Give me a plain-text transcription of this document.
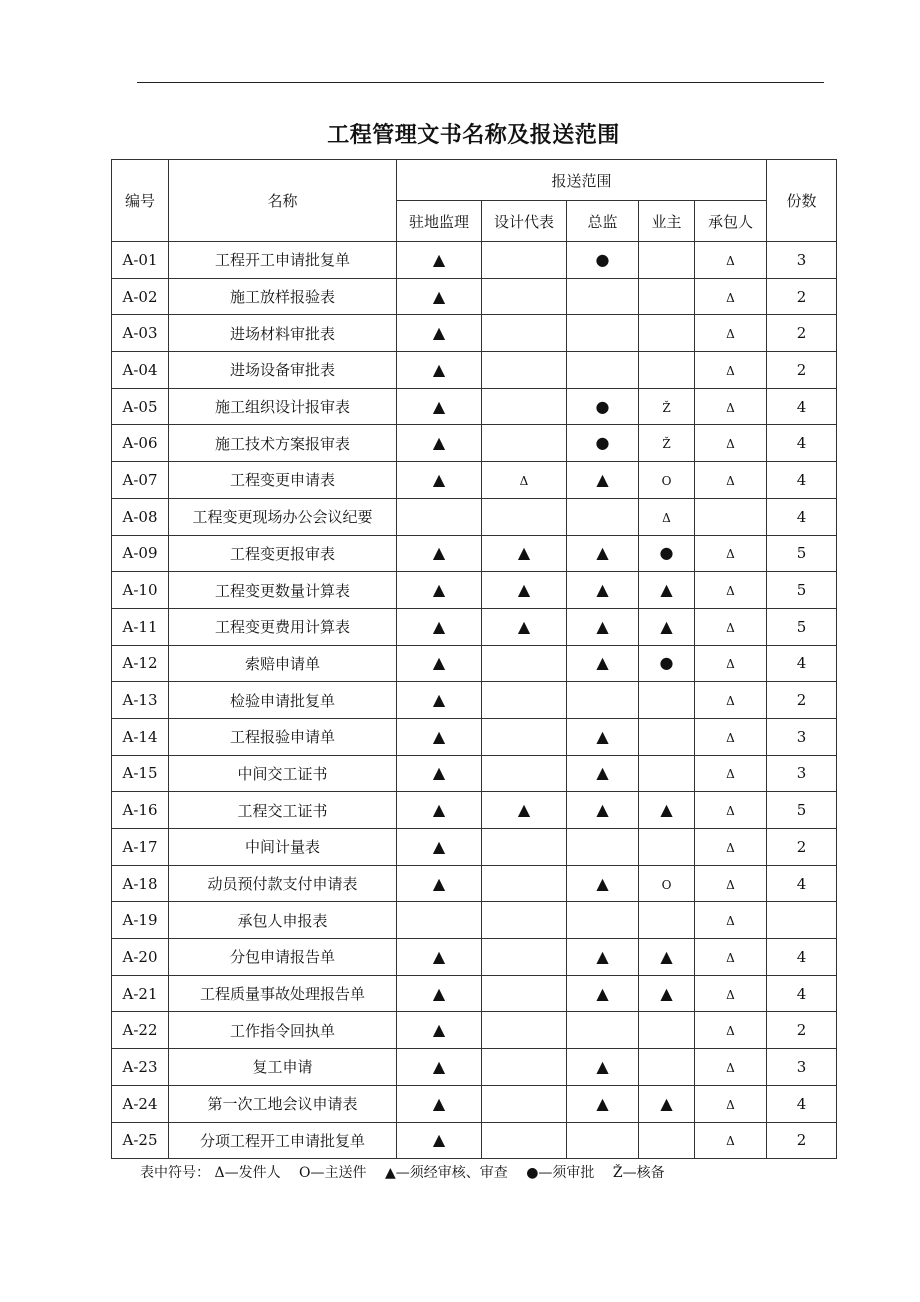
工程管理文书名称及报送范围
编号	名称	报送范围					份数
		驻地监理	设计代表	总监	业主	承包人	
A-01	工程开工申请批复单	▲		●		Δ	3
A-02	施工放样报验表	▲				Δ	2
A-03	进场材料审批表	▲				Δ	2
A-04	进场设备审批表	▲				Δ	2
A-05	施工组织设计报审表	▲		●	Ž	Δ	4
A-06	施工技术方案报审表	▲		●	Ž	Δ	4
A-07	工程变更申请表	▲	Δ	▲	O	Δ	4
A-08	工程变更现场办公会议纪要				Δ		4
A-09	工程变更报审表	▲	▲	▲	●	Δ	5
A-10	工程变更数量计算表	▲	▲	▲	▲	Δ	5
A-11	工程变更费用计算表	▲	▲	▲	▲	Δ	5
A-12	索赔申请单	▲		▲	●	Δ	4
A-13	检验申请批复单	▲				Δ	2
A-14	工程报验申请单	▲		▲		Δ	3
A-15	中间交工证书	▲		▲		Δ	3
A-16	工程交工证书	▲	▲	▲	▲	Δ	5
A-17	中间计量表	▲				Δ	2
A-18	动员预付款支付申请表	▲		▲	O	Δ	4
A-19	承包人申报表					Δ	
A-20	分包申请报告单	▲		▲	▲	Δ	4
A-21	工程质量事故处理报告单	▲		▲	▲	Δ	4
A-22	工作指令回执单	▲				Δ	2
A-23	复工申请	▲		▲		Δ	3
A-24	第一次工地会议申请表	▲		▲	▲	Δ	4
A-25	分项工程开工申请批复单	▲				Δ	2
表中符号： Δ—发件人 O—主送件 ▲—须经审核、审查 ●—须审批 Ž—核备
